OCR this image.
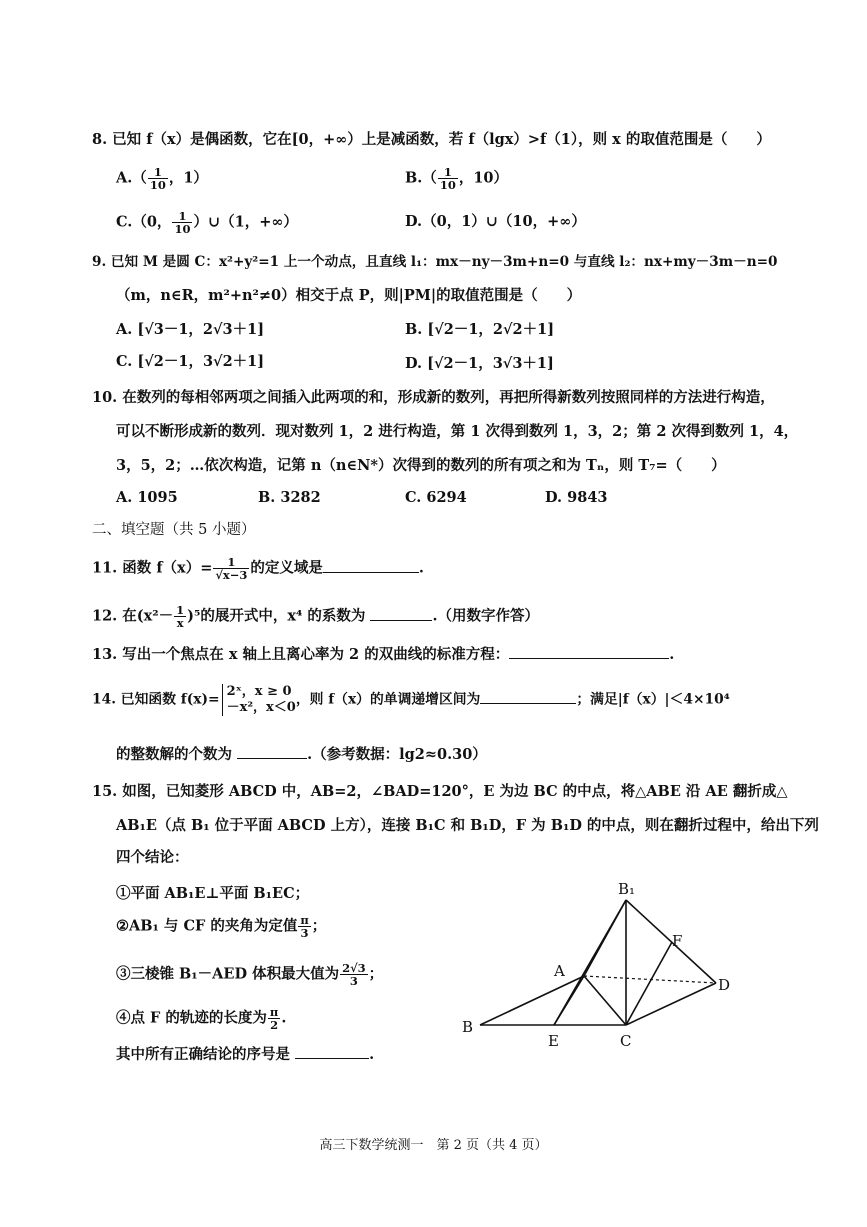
8. 已知 f（x）是偶函数，它在[0，+∞）上是减函数，若 f（lgx）>f（1），则 x 的取值范围是（　　）
$A.( \frac{1}{10}$ ，1）	$B.( \frac{1}{10}$ ，10）
C.（0， $\frac{1}{10}$ ）∪（1，+∞）	D.（0，1）∪（10，+∞）
9. 已知 M 是圆 C：x²+y²=1 上一个动点，且直线 l₁：mx－ny－3m+n=0 与直线 l₂：nx+my－3m－n=0
（m，n∈R，m²+n²≠0）相交于点 P，则|PM|的取值范围是（　　）
A. [√3－1，2√3＋1]	B. [√2－1，2√2＋1]
C. [√2－1，3√2＋1]	D. [√2－1，3√3＋1]
10. 在数列的每相邻两项之间插入此两项的和，形成新的数列，再把所得新数列按照同样的方法进行构造，
可以不断形成新的数列．现对数列 1，2 进行构造，第 1 次得到数列 1，3，2；第 2 次得到数列 1，4，
3，5，2；…依次构造，记第 n（n∈N*）次得到的数列的所有项之和为 Tₙ，则 T₇=（　　）
A. 1095	B. 3282	C. 6294	D. 9843
二、填空题（共 5 小题）
11. 函数 $f(x)= \frac{1}{√x-3}$ 的定义域是	.
12. 在$(x^2- \frac{1}{x} )^5$的展开式中，x⁴ 的系数为	.（用数字作答）
13. 写出一个焦点在 x 轴上且离心率为 2 的双曲线的标准方程：	.
14. 已知函数 f(x)= 2ˣ，x ≥ 0
－x²，x＜0 ，则 f（x）的单调递增区间为	；满足|f（x）|＜4×10⁴
的整数解的个数为	.（参考数据：lg2≈0.30）
15. 如图，已知菱形 ABCD 中，AB=2，∠BAD=120°，E 为边 BC 的中点，将△ABE 沿 AE 翻折成△
AB₁E（点 B₁ 位于平面 ABCD 上方），连接 B₁C 和 B₁D，F 为 B₁D 的中点，则在翻折过程中，给出下列
四个结论：
①平面 AB₁E⊥平面 B₁EC；
②AB₁ 与 CF 的夹角为定值 $\frac{\pi}{3}$ ；
③三棱锥 B₁－AED 体积最大值为 $\frac{2√3}{3}$ ；
④点 F 的轨迹的长度为 $\frac{\pi}{2}$ .
其中所有正确结论的序号是	.
B₁
F
A
D
B
E	C
高三下数学统测一　第 2 页（共 4 页）
